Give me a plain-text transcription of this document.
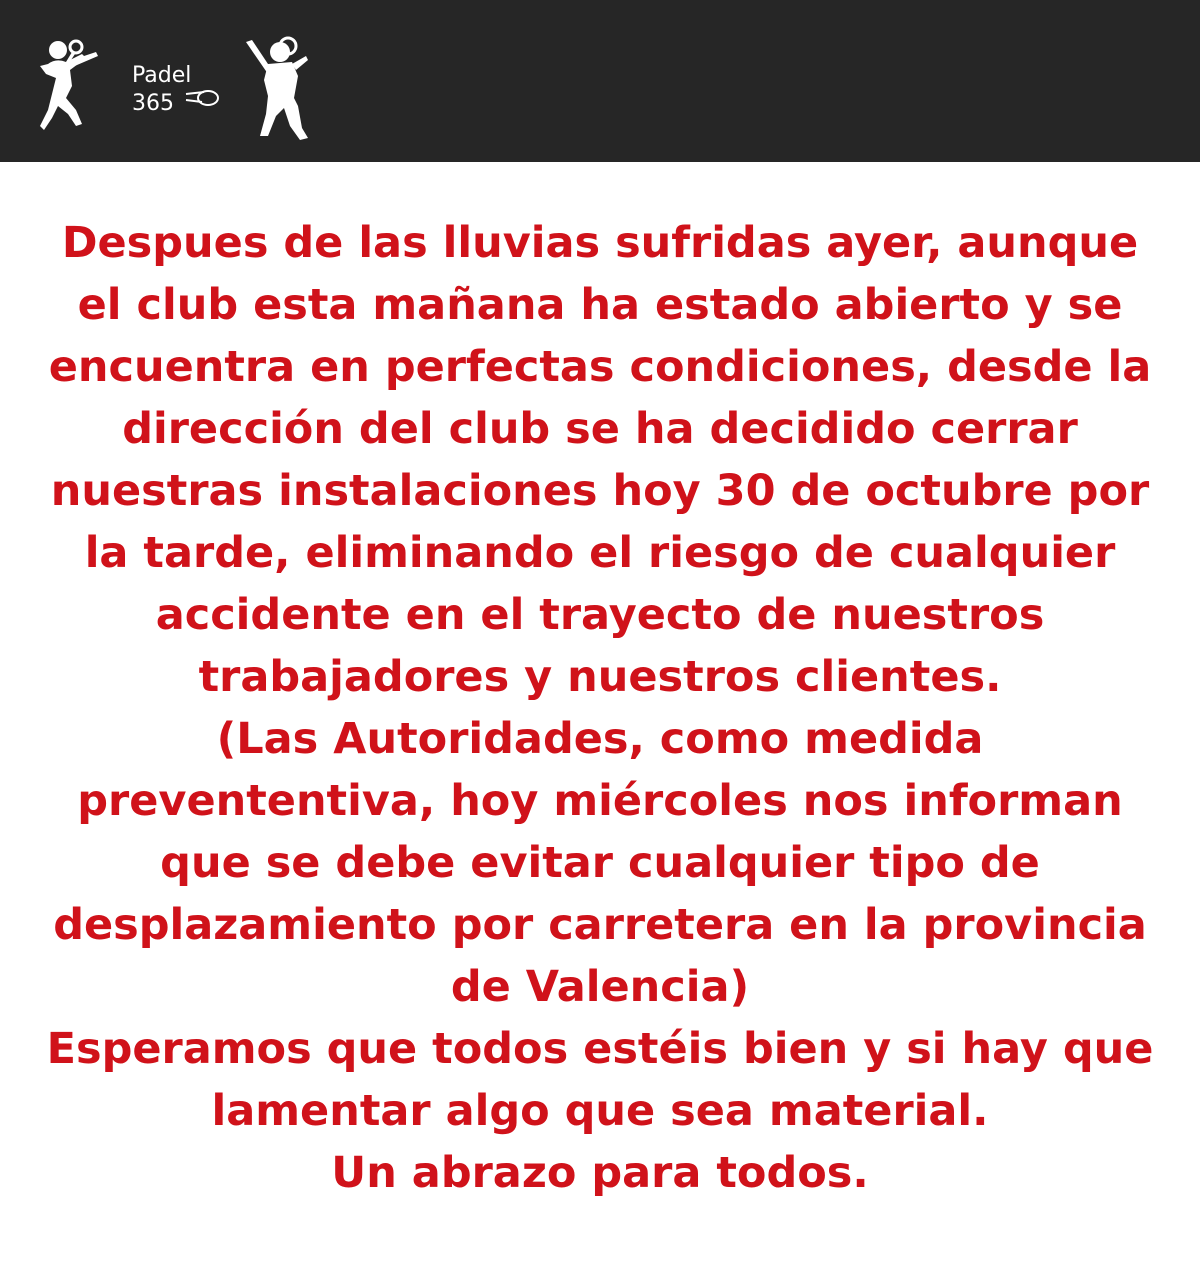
Padel
365

Despues de las lluvias sufridas ayer, aunque
el club esta mañana ha estado abierto y se
encuentra en perfectas condiciones, desde la
dirección del club se ha decidido cerrar
nuestras instalaciones hoy 30 de octubre por
la tarde, eliminando el riesgo de cualquier
accidente en el trayecto de nuestros
trabajadores y nuestros clientes.
(Las Autoridades, como medida
prevententiva, hoy miércoles nos informan
que se debe evitar cualquier tipo de
desplazamiento por carretera en la provincia
de Valencia)
Esperamos que todos estéis bien y si hay que
lamentar algo que sea material.
Un abrazo para todos.
